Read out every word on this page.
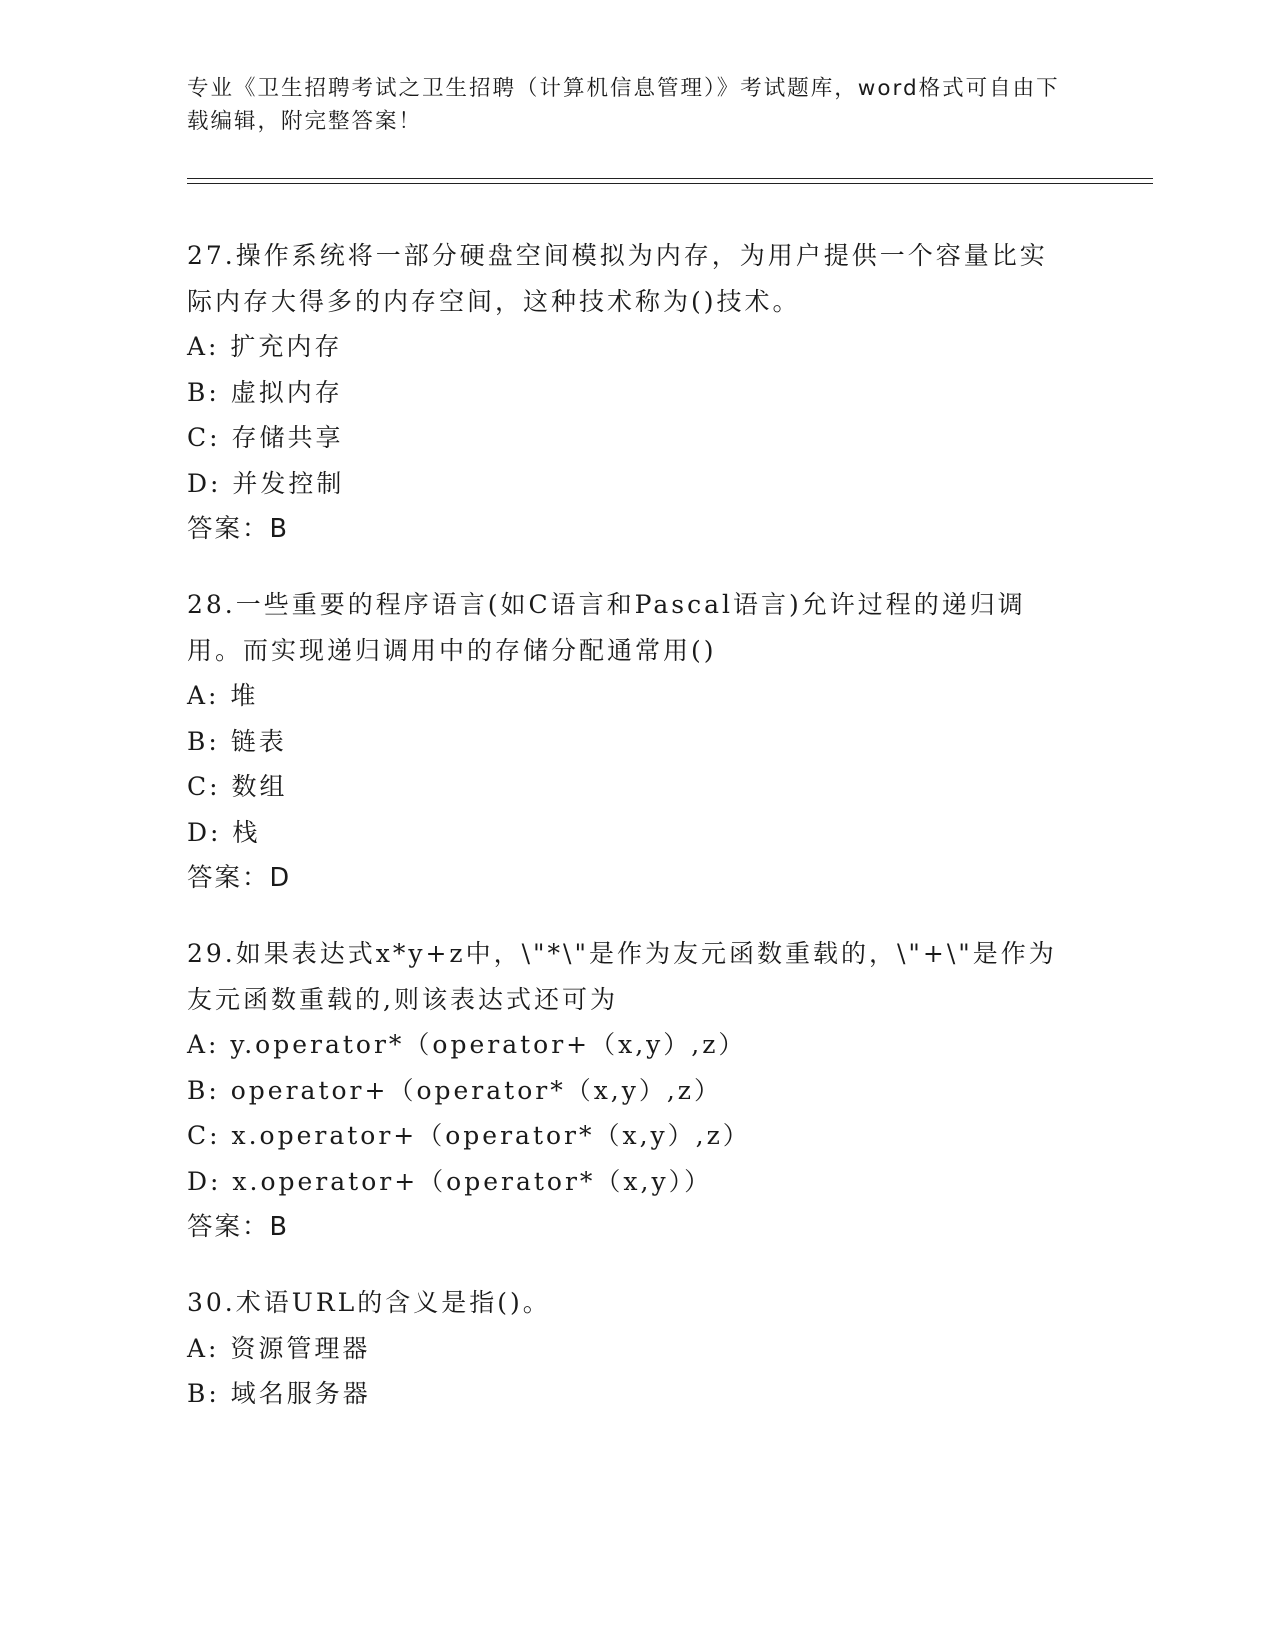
专业《卫生招聘考试之卫生招聘（计算机信息管理）》考试题库，word格式可自由下载编辑，附完整答案！
27.操作系统将一部分硬盘空间模拟为内存，为用户提供一个容量比实际内存大得多的内存空间，这种技术称为()技术。
A: 扩充内存
B: 虚拟内存
C: 存储共享
D: 并发控制
答案：B
28.一些重要的程序语言(如C语言和Pascal语言)允许过程的递归调用。而实现递归调用中的存储分配通常用()
A: 堆
B: 链表
C: 数组
D: 栈
答案：D
29.如果表达式x*y+z中，\"*\"是作为友元函数重载的，\"+\"是作为友元函数重载的,则该表达式还可为
A: y.operator*（operator+（x,y）,z）
B: operator+（operator*（x,y）,z）
C: x.operator+（operator*（x,y）,z）
D: x.operator+（operator*（x,y））
答案：B
30.术语URL的含义是指()。
A: 资源管理器
B: 域名服务器
